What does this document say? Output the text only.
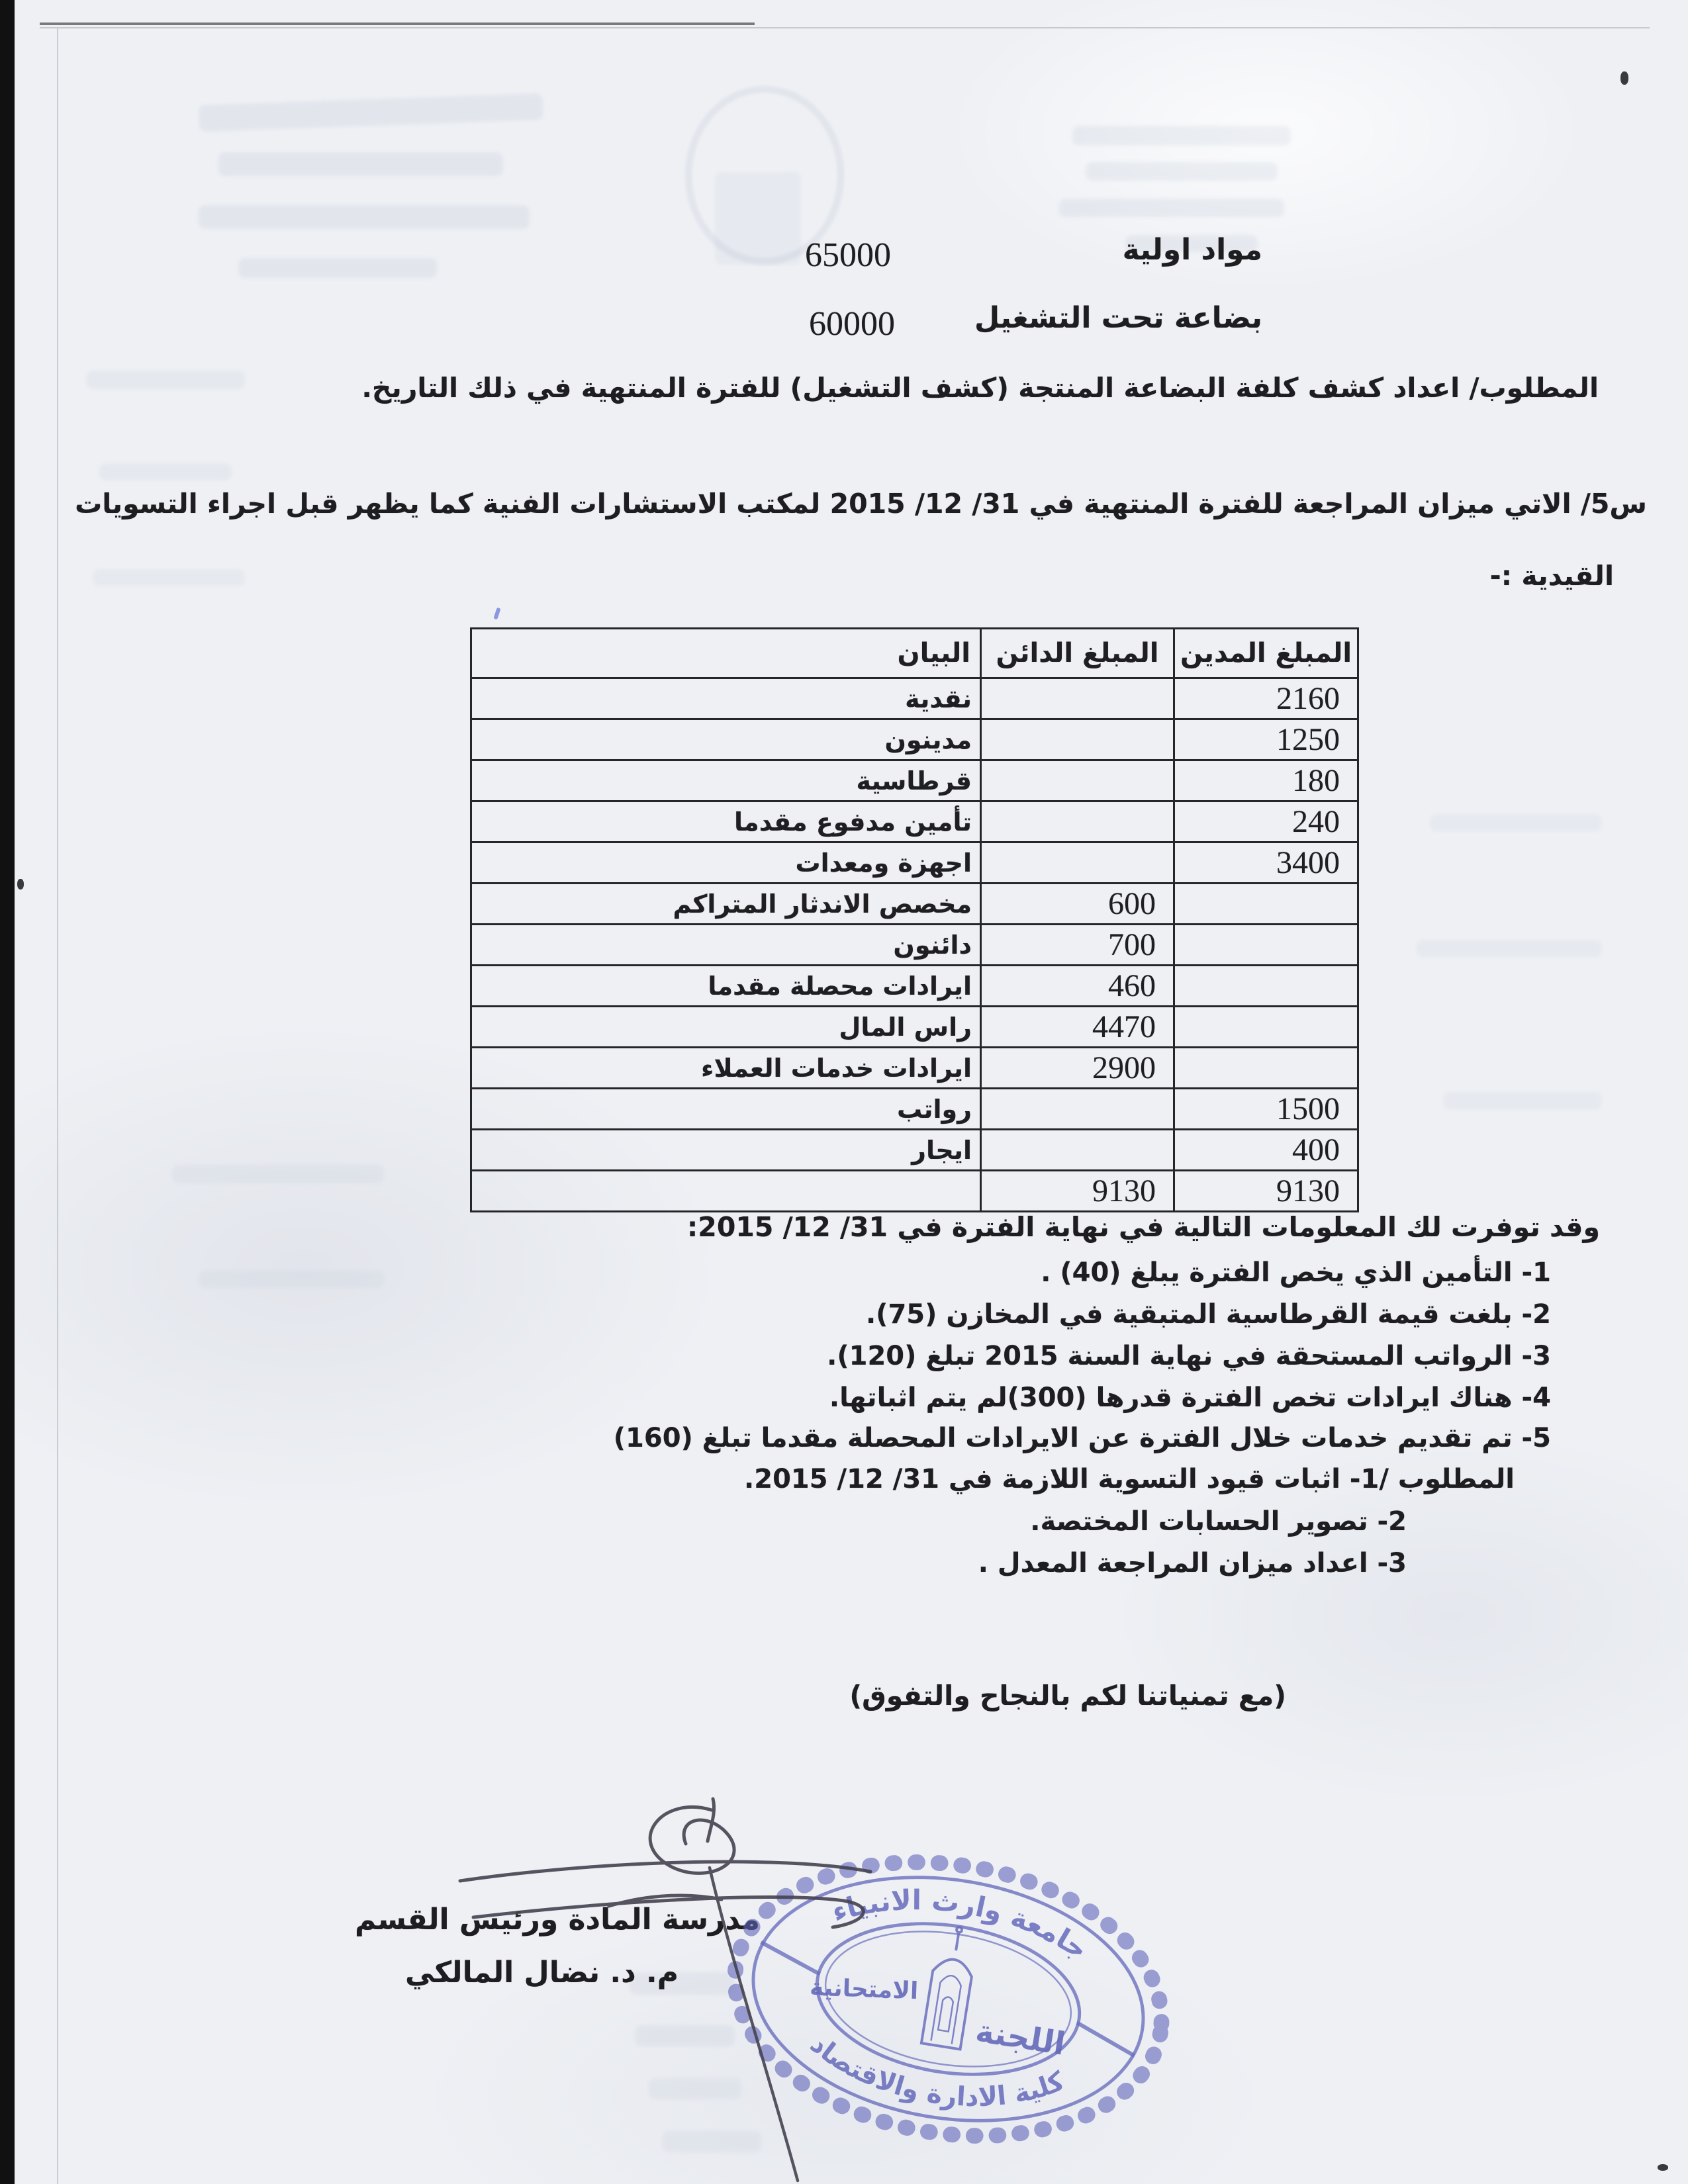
مواد اولية
65000
بضاعة تحت التشغيل
60000
المطلوب/ اعداد كشف كلفة البضاعة المنتجة (كشف التشغيل) للفترة المنتهية في ذلك التاريخ.
س5/ الاتي ميزان المراجعة للفترة المنتهية في 31/ 12/ 2015 لمكتب الاستشارات الفنية كما يظهر قبل اجراء التسويات
القيدية :-
المبلغ المدين	المبلغ الدائن	البيان
2160		نقدية
1250		مدينون
180		قرطاسية
240		تأمين مدفوع مقدما
3400		اجهزة ومعدات
	600	مخصص الاندثار المتراكم
	700	دائنون
	460	ايرادات محصلة مقدما
	4470	راس المال
	2900	ايرادات خدمات العملاء
1500		رواتب
400		ايجار
9130	9130	
وقد توفرت لك المعلومات التالية في نهاية الفترة في 31/ 12/ 2015:
1- التأمين الذي يخص الفترة يبلغ (40) .
2- بلغت قيمة القرطاسية المتبقية في المخازن (75).
3- الرواتب المستحقة في نهاية السنة 2015 تبلغ (120).
4- هناك ايرادات تخص الفترة قدرها (300)لم يتم اثباتها.
5- تم تقديم خدمات خلال الفترة عن الايرادات المحصلة مقدما تبلغ (160)
المطلوب /1- اثبات قيود التسوية اللازمة في 31/ 12/ 2015.
2- تصوير الحسابات المختصة.
3- اعداد ميزان المراجعة المعدل .
(مع تمنياتنا لكم بالنجاح والتفوق)
مدرسة المادة ورئيس القسم
م. د. نضال المالكي
جامعة وارث الانبياء
كلية الادارة والاقتصاد
اللجنة
الامتحانية
